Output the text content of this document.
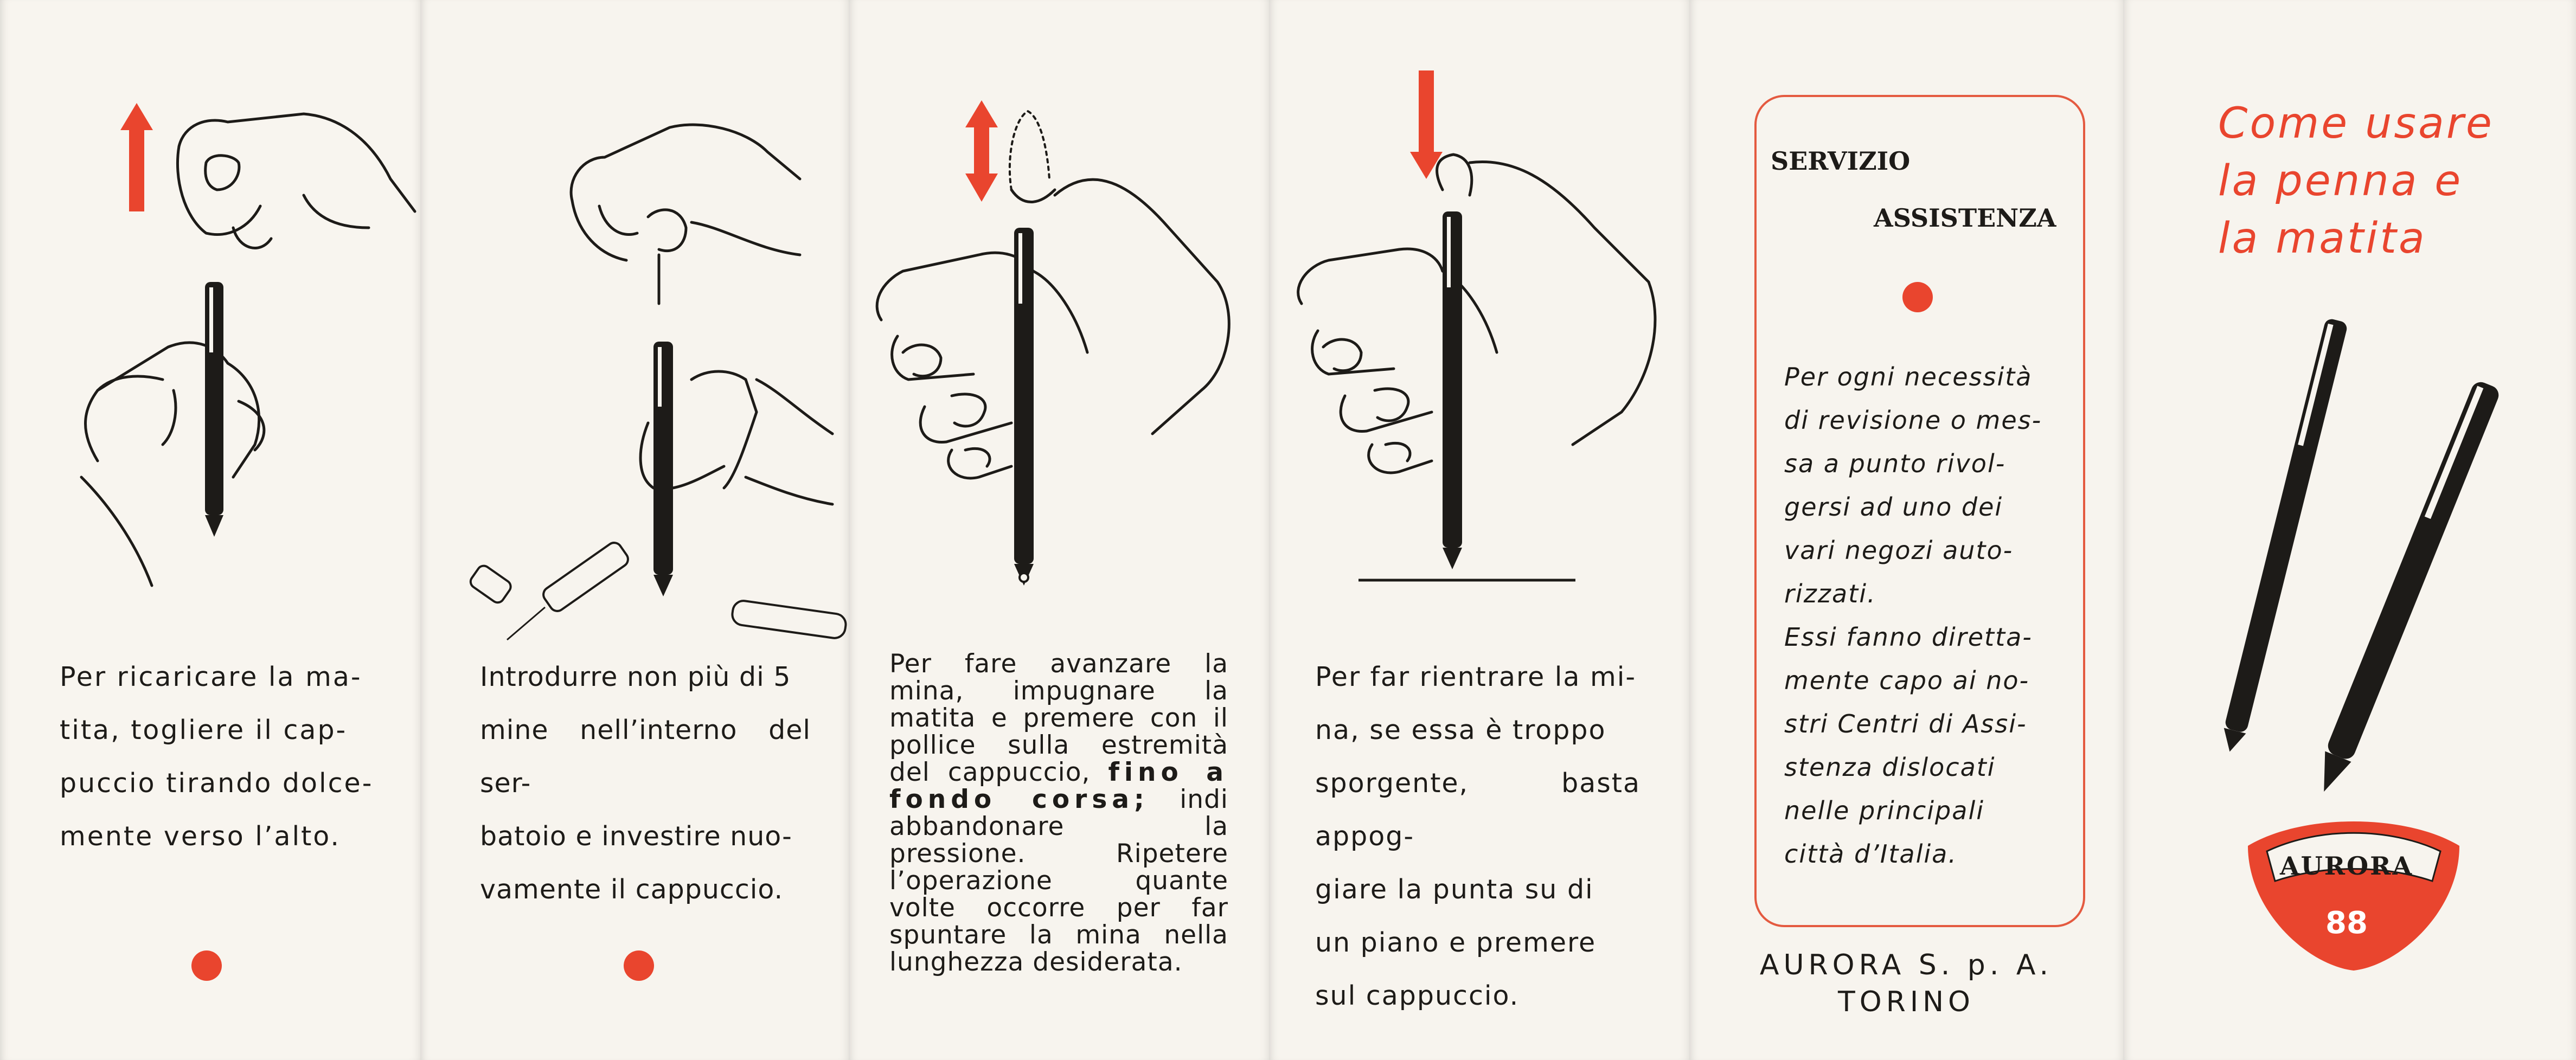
Per ricaricare la ma-
tita, togliere il cap-
puccio tirando dolce-
mente verso l’alto.
Introdurre non più di 5
mine nell’interno del ser-
batoio e investire nuo-
vamente il cappuccio.
Per fare avanzare la mina, impugnare la matita e premere con il pollice sulla estremità del cappuccio, fino a fondo corsa; indi abbandonare la pressione. Ripetere l’operazione quante volte occorre per far spuntare la mina nella lunghezza desiderata.
Per far rientrare la mi-
na, se essa è troppo
sporgente, basta appog-
giare la punta su di
un piano e premere
sul cappuccio.
SERVIZIO
ASSISTENZA
Per ogni necessità
di revisione o mes-
sa a punto rivol-
gersi ad uno dei
vari negozi auto-
rizzati.
Essi fanno diretta-
mente capo ai no-
stri Centri di Assi-
stenza dislocati
nelle principali
città d’Italia.
AURORA S. p. A.
TORINO
Come usare
la penna e
la matita
AURORA
88
